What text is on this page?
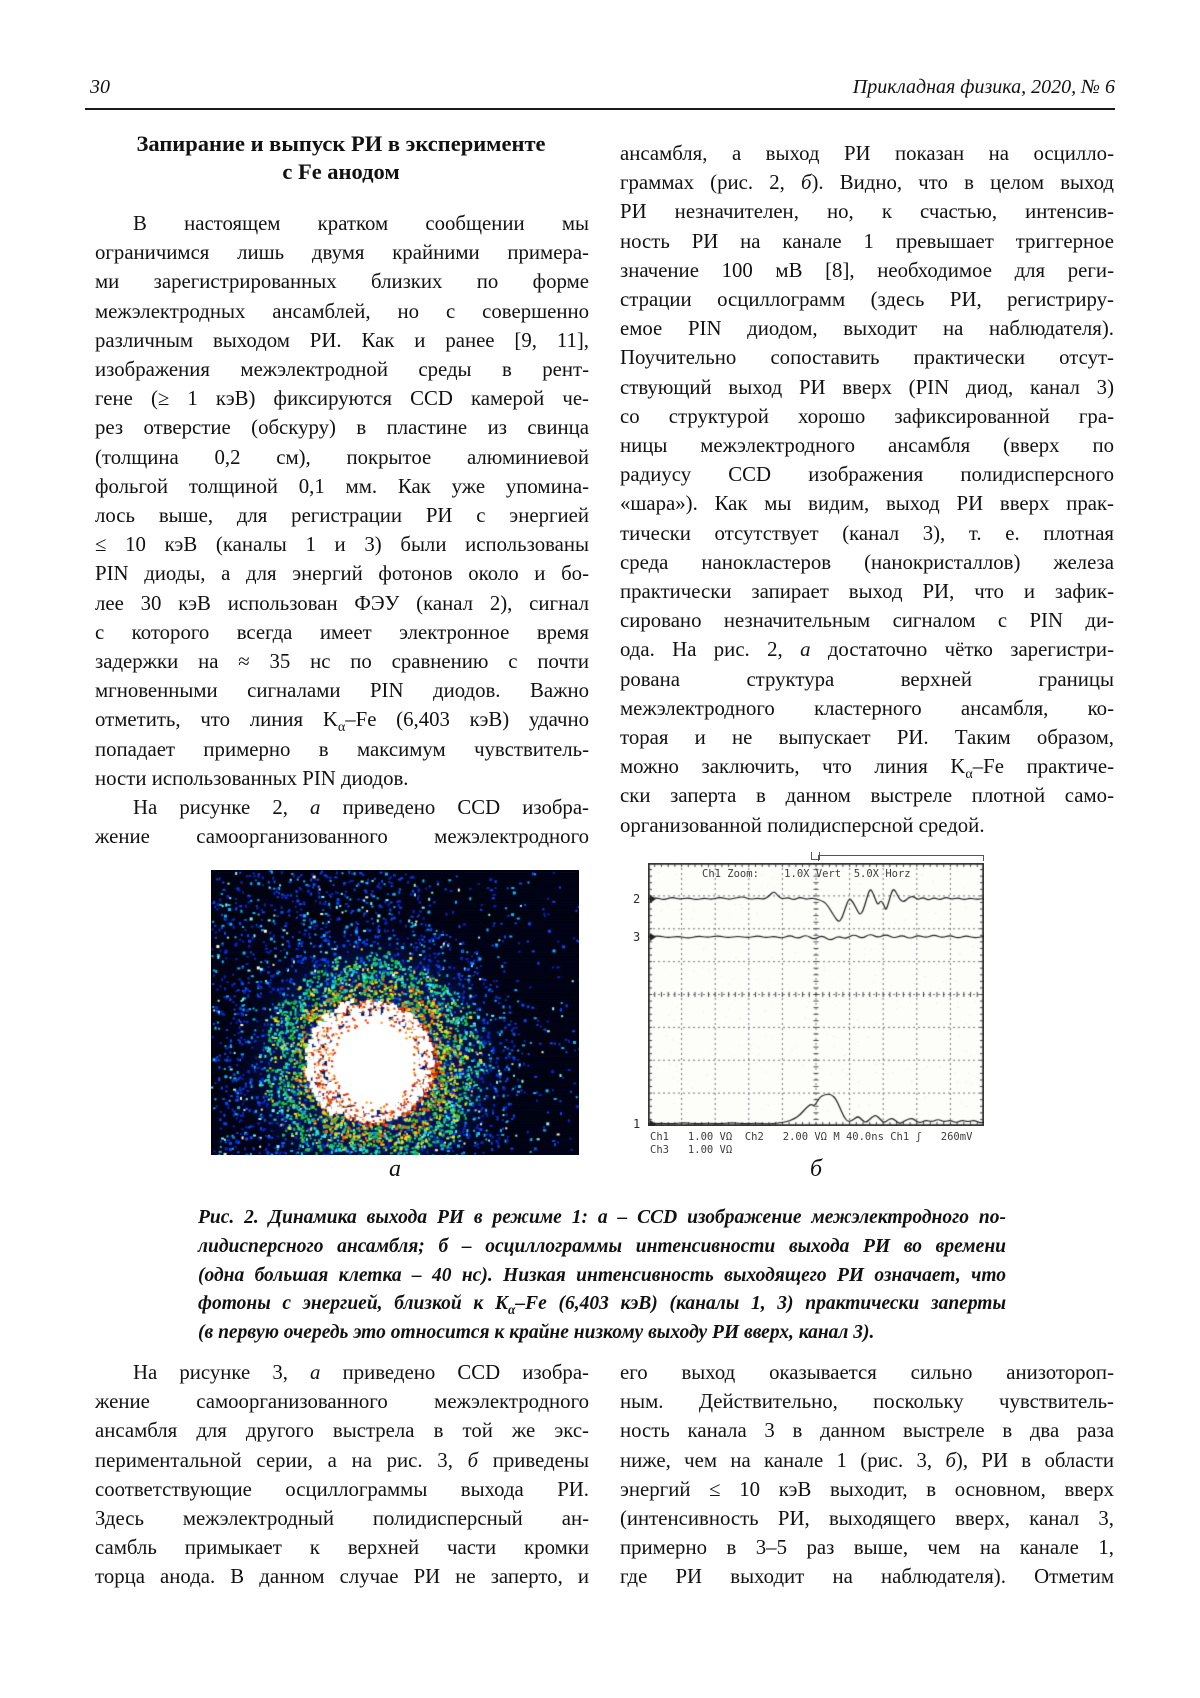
30	Прикладная физика, 2020, № 6
Запирание и выпуск РИ в эксперименте
с Fe анодом
В настоящем кратком сообщении мы
ограничимся лишь двумя крайними примера-
ми зарегистрированных близких по форме
межэлектродных ансамблей, но с совершенно
различным выходом РИ. Как и ранее [9, 11],
изображения межэлектродной среды в рент-
гене (≥ 1 кэВ) фиксируются CCD камерой че-
рез отверстие (обскуру) в пластине из свинца
(толщина 0,2 см), покрытое алюминиевой
фольгой толщиной 0,1 мм. Как уже упомина-
лось выше, для регистрации РИ с энергией
≤ 10 кэВ (каналы 1 и 3) были использованы
PIN диоды, а для энергий фотонов около и бо-
лее 30 кэВ использован ФЭУ (канал 2), сигнал
с которого всегда имеет электронное время
задержки на ≈ 35 нс по сравнению с почти
мгновенными сигналами PIN диодов. Важно
отметить, что линия $K_\alpha-Fe$ (6,403 кэВ) удачно
попадает примерно в максимум чувствитель-
ности использованных PIN диодов.
На рисунке 2, а приведено CCD изобра-
жение самоорганизованного межэлектродного
ансамбля, а выход РИ показан на осцилло-
граммах (рис. 2, б). Видно, что в целом выход
РИ незначителен, но, к счастью, интенсив-
ность РИ на канале 1 превышает триггерное
значение 100 мВ [8], необходимое для реги-
страции осциллограмм (здесь РИ, регистриру-
емое PIN диодом, выходит на наблюдателя).
Поучительно сопоставить практически отсут-
ствующий выход РИ вверх (PIN диод, канал 3)
со структурой хорошо зафиксированной гра-
ницы межэлектродного ансамбля (вверх по
радиусу CCD изображения полидисперсного
«шара»). Как мы видим, выход РИ вверх прак-
тически отсутствует (канал 3), т. е. плотная
среда нанокластеров (нанокристаллов) железа
практически запирает выход РИ, что и зафик-
сировано незначительным сигналом с PIN ди-
ода. На рис. 2, а достаточно чётко зарегистри-
рована структура верхней границы
межэлектродного кластерного ансамбля, ко-
торая и не выпускает РИ. Таким образом,
можно заключить, что линия $K_\alpha-Fe$ практиче-
ски заперта в данном выстреле плотной само-
организованной полидисперсной средой.
а
Ch1 Zoom:    1.0X Vert  5.0X Horz
2
3
1
Ch1   1.00 VΩ  Ch2   2.00 VΩ M 40.0ns Ch1 ʃ   260mV
Ch3   1.00 VΩ
б
Рис. 2. Динамика выхода РИ в режиме 1: а – CCD изображение межэлектродного по-
лидисперсного ансамбля; б – осциллограммы интенсивности выхода РИ во времени
(одна большая клетка – 40 нс). Низкая интенсивность выходящего РИ означает, что
фотоны с энергией, близкой к $K_\alpha-Fe$ (6,403 кэВ) (каналы 1, 3) практически заперты
(в первую очередь это относится к крайне низкому выходу РИ вверх, канал 3).
На рисунке 3, а приведено CCD изобра-
жение самоорганизованного межэлектродного
ансамбля для другого выстрела в той же экс-
периментальной серии, а на рис. 3, б приведены
соответствующие осциллограммы выхода РИ.
Здесь межэлектродный полидисперсный ан-
самбль примыкает к верхней части кромки
торца анода. В данном случае РИ не заперто, и
его выход оказывается сильно анизотороп-
ным. Действительно, поскольку чувствитель-
ность канала 3 в данном выстреле в два раза
ниже, чем на канале 1 (рис. 3, б), РИ в области
энергий ≤ 10 кэВ выходит, в основном, вверх
(интенсивность РИ, выходящего вверх, канал 3,
примерно в 3–5 раз выше, чем на канале 1,
где РИ выходит на наблюдателя). Отметим
